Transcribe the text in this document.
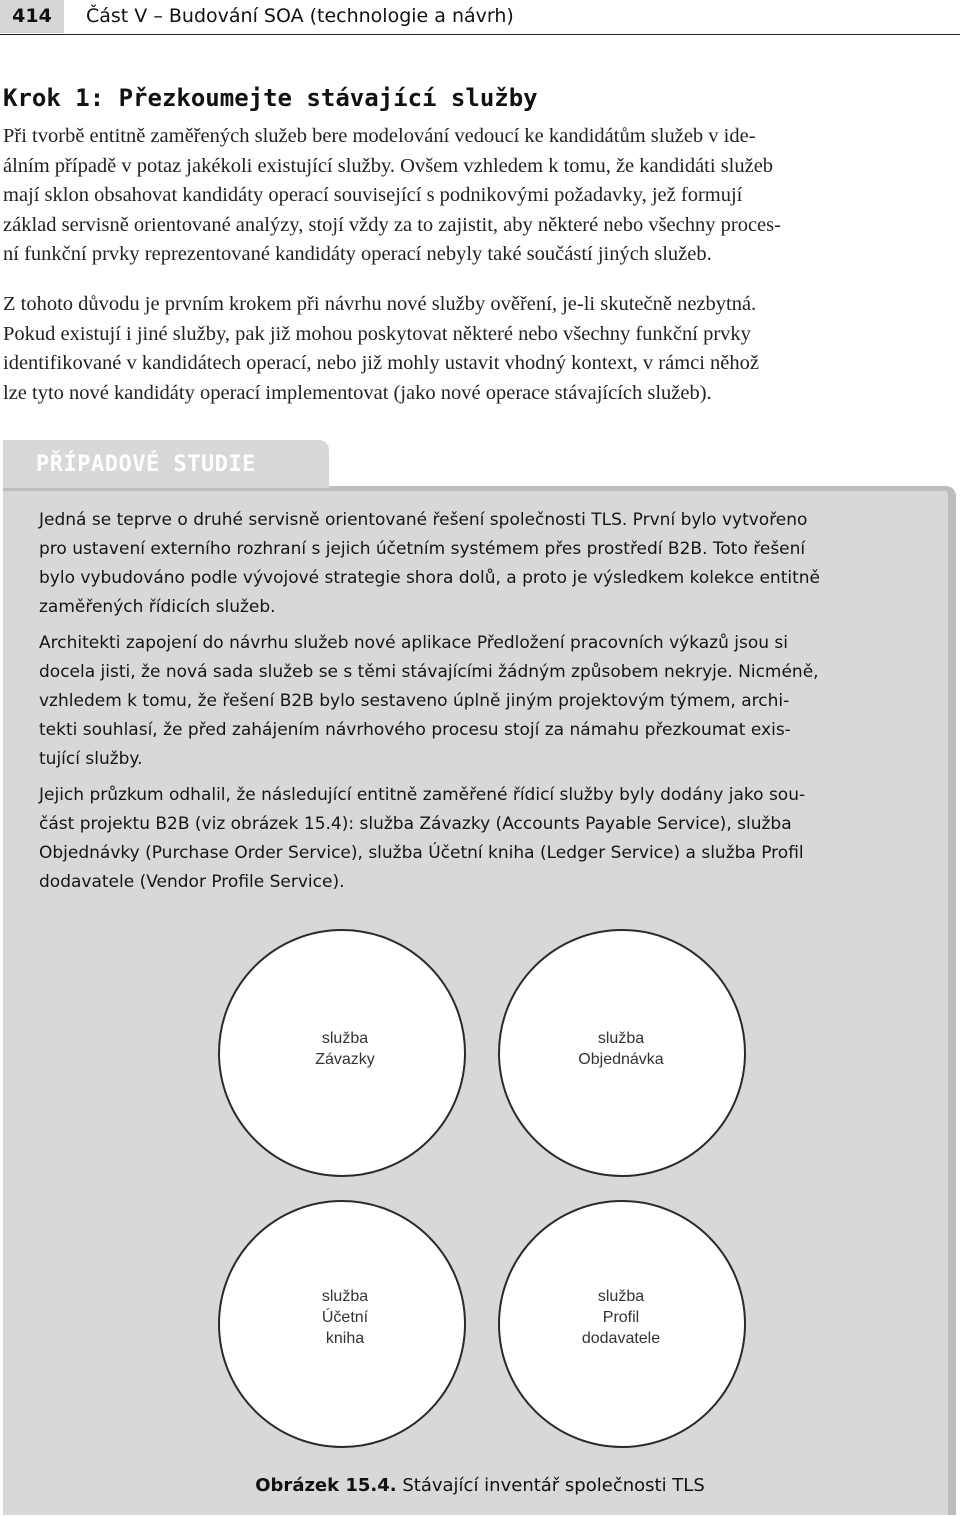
414	Část V – Budování SOA (technologie a návrh)
Krok 1: Přezkoumejte stávající služby

Při tvorbě entitně zaměřených služeb bere modelování vedoucí ke kandidátům služeb v ide-
álním případě v potaz jakékoli existující služby. Ovšem vzhledem k tomu, že kandidáti služeb
mají sklon obsahovat kandidáty operací související s podnikovými požadavky, jež formují
základ servisně orientované analýzy, stojí vždy za to zajistit, aby některé nebo všechny proces-
ní funkční prvky reprezentované kandidáty operací nebyly také součástí jiných služeb.

Z tohoto důvodu je prvním krokem při návrhu nové služby ověření, je-li skutečně nezbytná.
Pokud existují i jiné služby, pak již mohou poskytovat některé nebo všechny funkční prvky
identifikované v kandidátech operací, nebo již mohly ustavit vhodný kontext, v rámci něhož
lze tyto nové kandidáty operací implementovat (jako nové operace stávajících služeb).

PŘÍPADOVÉ STUDIE

Jedná se teprve o druhé servisně orientované řešení společnosti TLS. První bylo vytvořeno
pro ustavení externího rozhraní s jejich účetním systémem přes prostředí B2B. Toto řešení
bylo vybudováno podle vývojové strategie shora dolů, a proto je výsledkem kolekce entitně
zaměřených řídicích služeb.

Architekti zapojení do návrhu služeb nové aplikace Předložení pracovních výkazů jsou si
docela jisti, že nová sada služeb se s těmi stávajícími žádným způsobem nekryje. Nicméně,
vzhledem k tomu, že řešení B2B bylo sestaveno úplně jiným projektovým týmem, archi-
tekti souhlasí, že před zahájením návrhového procesu stojí za námahu přezkoumat exis-
tující služby.

Jejich průzkum odhalil, že následující entitně zaměřené řídicí služby byly dodány jako sou-
část projektu B2B (viz obrázek 15.4): služba Závazky (Accounts Payable Service), služba
Objednávky (Purchase Order Service), služba Účetní kniha (Ledger Service) a služba Profil
dodavatele (Vendor Profile Service).

služba
Závazky
služba
Objednávka
služba
Účetní
kniha
služba
Profil
dodavatele
Obrázek 15.4. Stávající inventář společnosti TLS
